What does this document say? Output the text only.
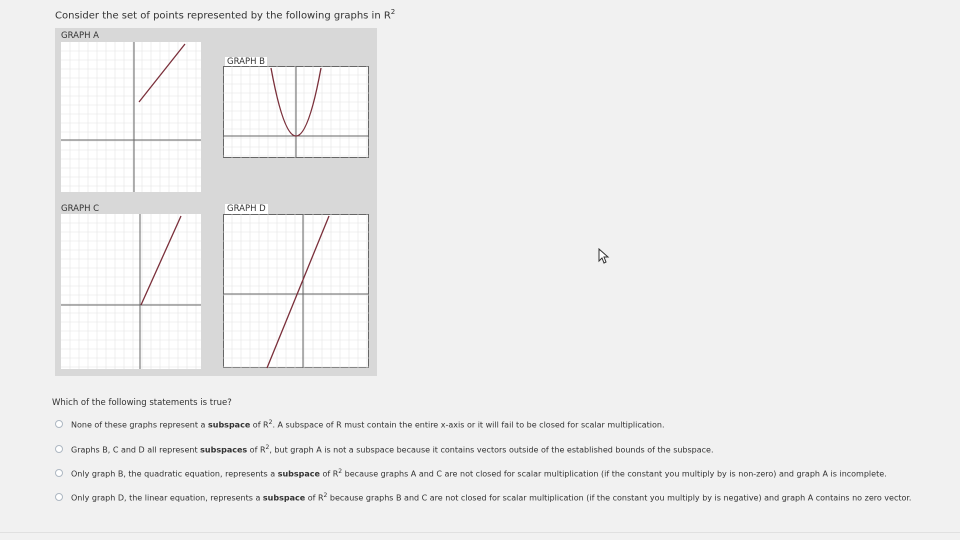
Consider the set of points represented by the following graphs in $R^2$
GRAPH A
GRAPH B
GRAPH C	GRAPH D
Which of the following statements is true?
None of these graphs represent a subspace of $R^2$. A subspace of R must contain the entire x-axis or it will fail to be closed for scalar multiplication.
Graphs B, C and D all represent subspaces of $R^2$, but graph A is not a subspace because it contains vectors outside of the established bounds of the subspace.
Only graph B, the quadratic equation, represents a subspace of $R^2$ because graphs A and C are not closed for scalar multiplication (if the constant you multiply by is non-zero) and graph A is incomplete.
Only graph D, the linear equation, represents a subspace of $R^2$ because graphs B and C are not closed for scalar multiplication (if the constant you multiply by is negative) and graph A contains no zero vector.
